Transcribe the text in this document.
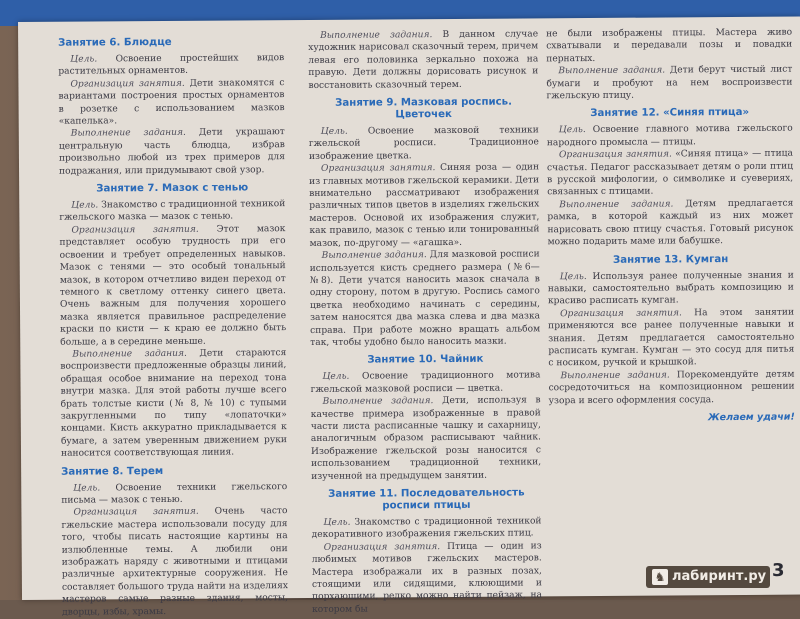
Занятие 6. Блюдце

Цель. Освоение простейших видов растительных орнаментов.

Организация занятия. Дети знакомятся с вариантами построения простых орнаментов в розетке с использованием мазков «капелька».

Выполнение задания. Дети украшают центральную часть блюдца, избрав произвольно любой из трех примеров для подражания, или придумывают свой узор.

Занятие 7. Мазок с тенью

Цель. Знакомство с традиционной техникой гжельского мазка — мазок с тенью.

Организация занятия. Этот мазок представляет особую трудность при его освоении и требует определенных навыков. Мазок с тенями — это особый тональный мазок, в котором отчетливо виден переход от темного к светлому оттенку синего цвета. Очень важным для получения хорошего мазка является правильное распределение краски по кисти — к краю ее должно быть больше, а в середине меньше.

Выполнение задания. Дети стараются воспроизвести предложенные образцы линий, обращая особое внимание на переход тона внутри мазка. Для этой работы лучше всего брать толстые кисти (№ 8, № 10) с тупыми закругленными по типу «лопаточки» концами. Кисть аккуратно прикладывается к бумаге, а затем уверенным движением руки наносится соответствующая линия.

Занятие 8. Терем

Цель. Освоение техники гжельского письма — мазок с тенью.

Организация занятия. Очень часто гжельские мастера использовали посуду для того, чтобы писать настоящие картины на излюбленные темы. А любили они изображать наряду с животными и птицами различные архитектурные сооружения. Не составляет большого труда найти на изделиях мастеров самые разные здания, мосты, дворцы, избы, храмы.

Выполнение задания. В данном случае художник нарисовал сказочный терем, причем левая его половинка зеркально похожа на правую. Дети должны дорисовать рисунок и восстановить сказочный терем.

Занятие 9. Мазковая роспись. Цветочек

Цель. Освоение мазковой техники гжельской росписи. Традиционное изображение цветка.

Организация занятия. Синяя роза — один из главных мотивов гжельской керамики. Дети внимательно рассматривают изображения различных типов цветов в изделиях гжельских мастеров. Основой их изображения служит, как правило, мазок с тенью или тонированный мазок, по-другому — «агашка».

Выполнение задания. Для мазковой росписи используется кисть среднего размера (№6—№8). Дети учатся наносить мазок сначала в одну сторону, потом в другую. Роспись самого цветка необходимо начинать с середины, затем наносятся два мазка слева и два мазка справа. При работе можно вращать альбом так, чтобы удобно было наносить мазки.

Занятие 10. Чайник

Цель. Освоение традиционного мотива гжельской мазковой росписи — цветка.

Выполнение задания. Дети, используя в качестве примера изображенные в правой части листа расписанные чашку и сахарницу, аналогичным образом расписывают чайник. Изображение гжельской розы наносится с использованием традиционной техники, изученной на предыдущем занятии.

Занятие 11. Последовательность росписи птицы

Цель. Знакомство с традиционной техникой декоративного изображения гжельских птиц.

Организация занятия. Птица — один из любимых мотивов гжельских мастеров. Мастера изображали их в разных позах, стоящими или сидящими, клюющими и порхающими, редко можно найти пейзаж, на котором бы

не были изображены птицы. Мастера живо схватывали и передавали позы и повадки пернатых.

Выполнение задания. Дети берут чистый лист бумаги и пробуют на нем воспроизвести гжельскую птицу.

Занятие 12. «Синяя птица»

Цель. Освоение главного мотива гжельского народного промысла — птицы.

Организация занятия. «Синяя птица» — птица счастья. Педагог рассказывает детям о роли птиц в русской мифологии, о символике и суевериях, связанных с птицами.

Выполнение задания. Детям предлагается рамка, в которой каждый из них может нарисовать свою птицу счастья. Готовый рисунок можно подарить маме или бабушке.

Занятие 13. Кумган

Цель. Используя ранее полученные знания и навыки, самостоятельно выбрать композицию и красиво расписать кумган.

Организация занятия. На этом занятии применяются все ранее полученные навыки и знания. Детям предлагается самостоятельно расписать кумган. Кумган — это сосуд для питья с носиком, ручкой и крышкой.

Выполнение задания. Порекомендуйте детям сосредоточиться на композиционном решении узора и всего оформления сосуда.

Желаем удачи!
♞ лабиринт.ру 3
